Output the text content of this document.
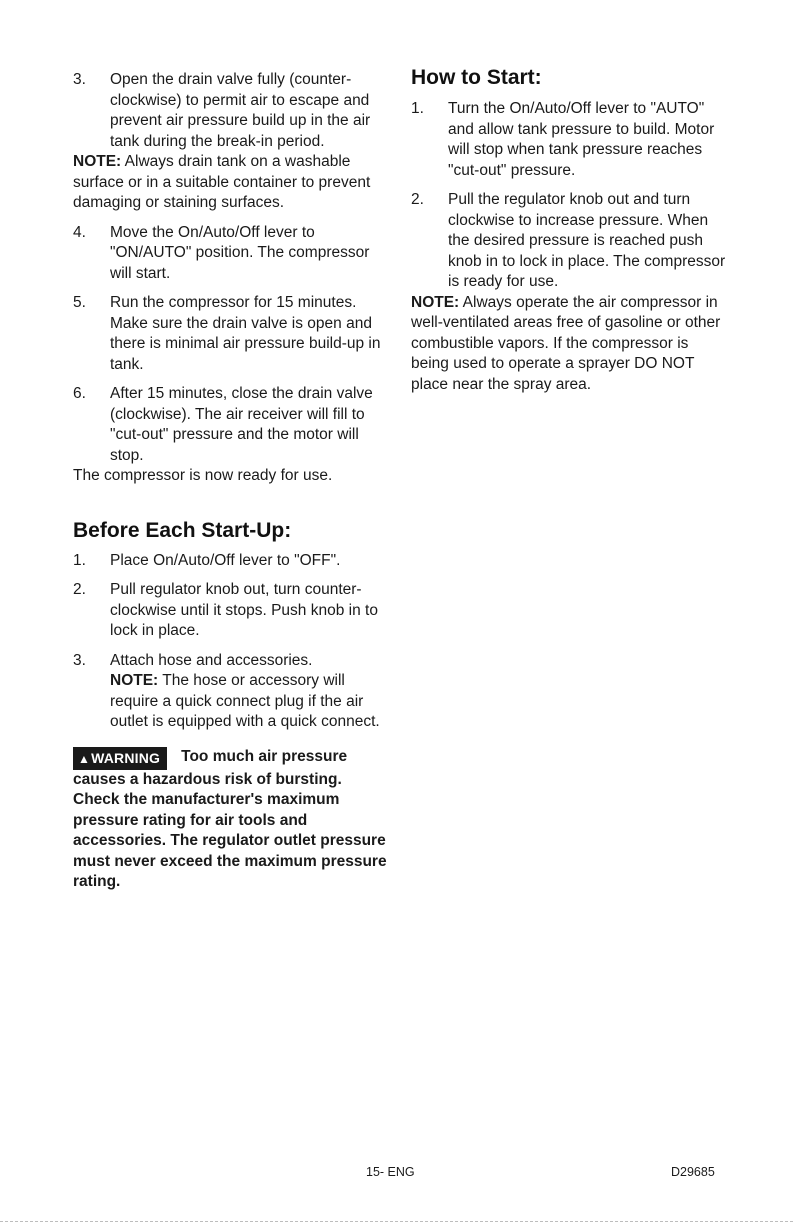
3. Open the drain valve fully (counter-clockwise) to permit air to escape and prevent air pressure build up in the air tank during the break-in period.

NOTE: Always drain tank on a washable surface or in a suitable container to prevent damaging or staining surfaces.

4. Move the On/Auto/Off lever to "ON/AUTO" position. The compressor will start.
5. Run the compressor for 15 minutes. Make sure the drain valve is open and there is minimal air pressure build-up in tank.
6. After 15 minutes, close the drain valve (clockwise). The air receiver will fill to "cut-out" pressure and the motor will stop.

The compressor is now ready for use.

Before Each Start-Up:
1. Place On/Auto/Off lever to "OFF".
2. Pull regulator knob out, turn counter-clockwise until it stops. Push knob in to lock in place.
3. Attach hose and accessories.
NOTE: The hose or accessory will require a quick connect plug if the air outlet is equipped with a quick connect.
▲WARNING Too much air pressure causes a hazardous risk of bursting. Check the manufacturer's maximum pressure rating for air tools and accessories. The regulator outlet pressure must never exceed the maximum pressure rating.
How to Start:
1. Turn the On/Auto/Off lever to "AUTO" and allow tank pressure to build. Motor will stop when tank pressure reaches "cut-out" pressure.
2. Pull the regulator knob out and turn clockwise to increase pressure. When the desired pressure is reached push knob in to lock in place. The compressor is ready for use.

NOTE: Always operate the air compressor in well-ventilated areas free of gasoline or other combustible vapors. If the compressor is being used to operate a sprayer DO NOT place near the spray area.

15- ENG	D29685
